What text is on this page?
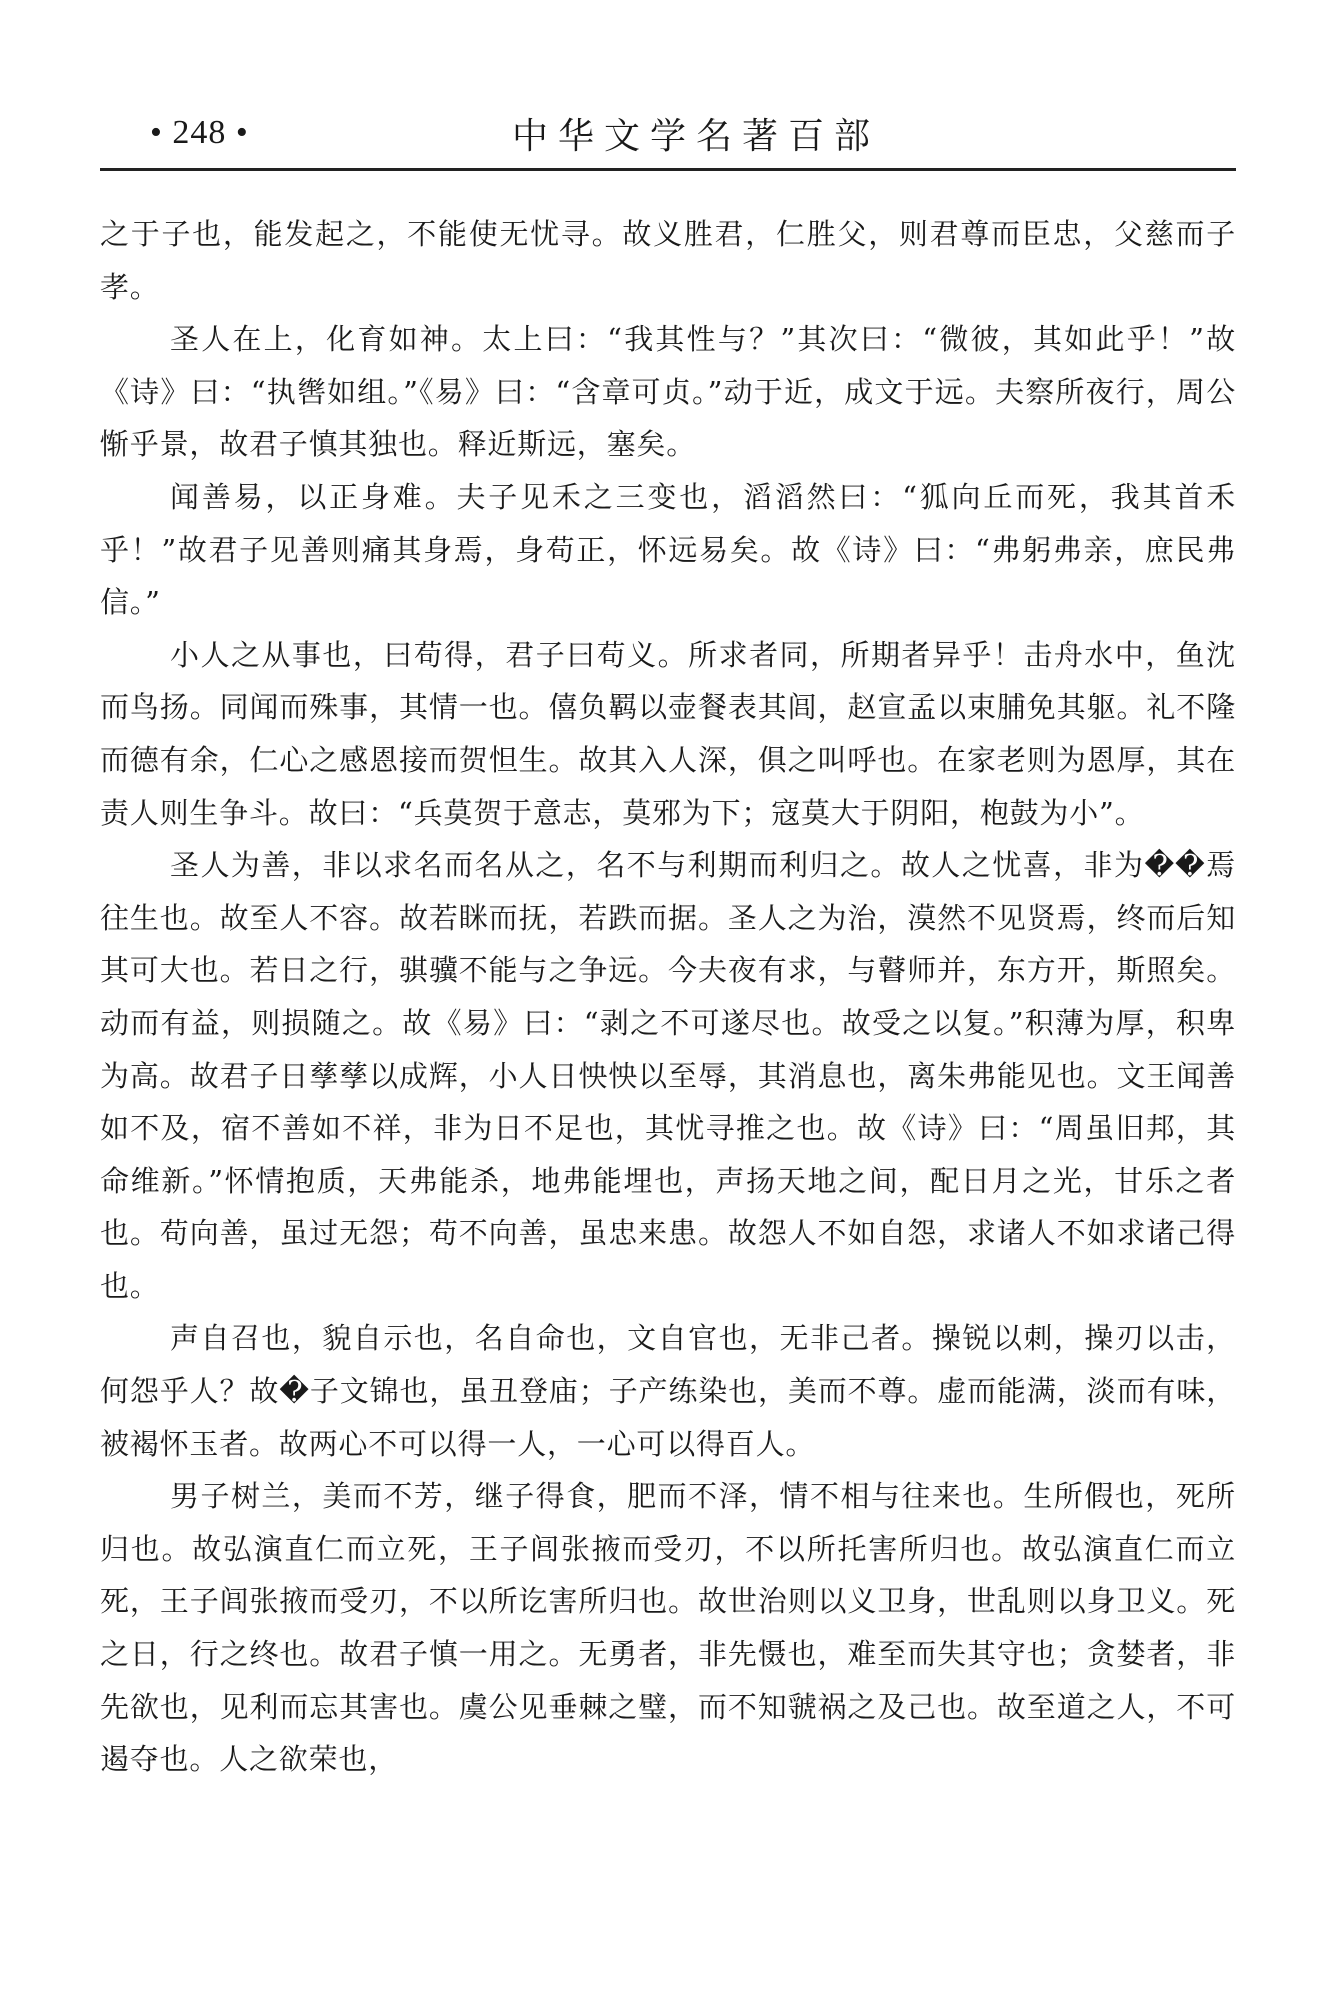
• 248 •	中华文学名著百部

之于子也，能发起之，不能使无忧寻。故义胜君，仁胜父，则君尊而臣忠，父慈而子孝。

圣人在上，化育如神。太上曰：“我其性与？”其次曰：“微彼，其如此乎！”故《诗》曰：“执辔如组。”《易》曰：“含章可贞。”动于近，成文于远。夫察所夜行，周公惭乎景，故君子慎其独也。释近斯远，塞矣。

闻善易，以正身难。夫子见禾之三变也，滔滔然曰：“狐向丘而死，我其首禾乎！”故君子见善则痛其身焉，身苟正，怀远易矣。故《诗》曰：“弗躬弗亲，庶民弗信。”

小人之从事也，曰苟得，君子曰苟义。所求者同，所期者异乎！击舟水中，鱼沈而鸟扬。同闻而殊事，其情一也。僖负羁以壶餐表其闾，赵宣孟以束脯免其躯。礼不隆而德有余，仁心之感恩接而贺怛生。故其入人深，俱之叫呼也。在家老则为恩厚，其在责人则生争斗。故曰：“兵莫贺于意志，莫邪为下；寇莫大于阴阳，枹鼓为小”。

圣人为善，非以求名而名从之，名不与利期而利归之。故人之忧喜，非为��焉往生也。故至人不容。故若眯而抚，若跌而据。圣人之为治，漠然不见贤焉，终而后知其可大也。若日之行，骐骥不能与之争远。今夫夜有求，与瞽师并，东方开，斯照矣。动而有益，则损随之。故《易》曰：“剥之不可遂尽也。故受之以复。”积薄为厚，积卑为高。故君子日孳孳以成辉，小人日怏怏以至辱，其消息也，离朱弗能见也。文王闻善如不及，宿不善如不祥，非为日不足也，其忧寻推之也。故《诗》曰：“周虽旧邦，其命维新。”怀情抱质，天弗能杀，地弗能埋也，声扬天地之间，配日月之光，甘乐之者也。苟向善，虽过无怨；苟不向善，虽忠来患。故怨人不如自怨，求诸人不如求诸己得也。

声自召也，貌自示也，名自命也，文自官也，无非己者。操锐以刺，操刃以击，何怨乎人？故�子文锦也，虽丑登庙；子产练染也，美而不尊。虚而能满，淡而有味，被褐怀玉者。故两心不可以得一人，一心可以得百人。

男子树兰，美而不芳，继子得食，肥而不泽，情不相与往来也。生所假也，死所归也。故弘演直仁而立死，王子闾张掖而受刃，不以所托害所归也。故弘演直仁而立死，王子闾张掖而受刃，不以所讫害所归也。故世治则以义卫身，世乱则以身卫义。死之日，行之终也。故君子慎一用之。无勇者，非先慑也，难至而失其守也；贪婪者，非先欲也，见利而忘其害也。虞公见垂棘之璧，而不知虢祸之及己也。故至道之人，不可遏夺也。人之欲荣也，
